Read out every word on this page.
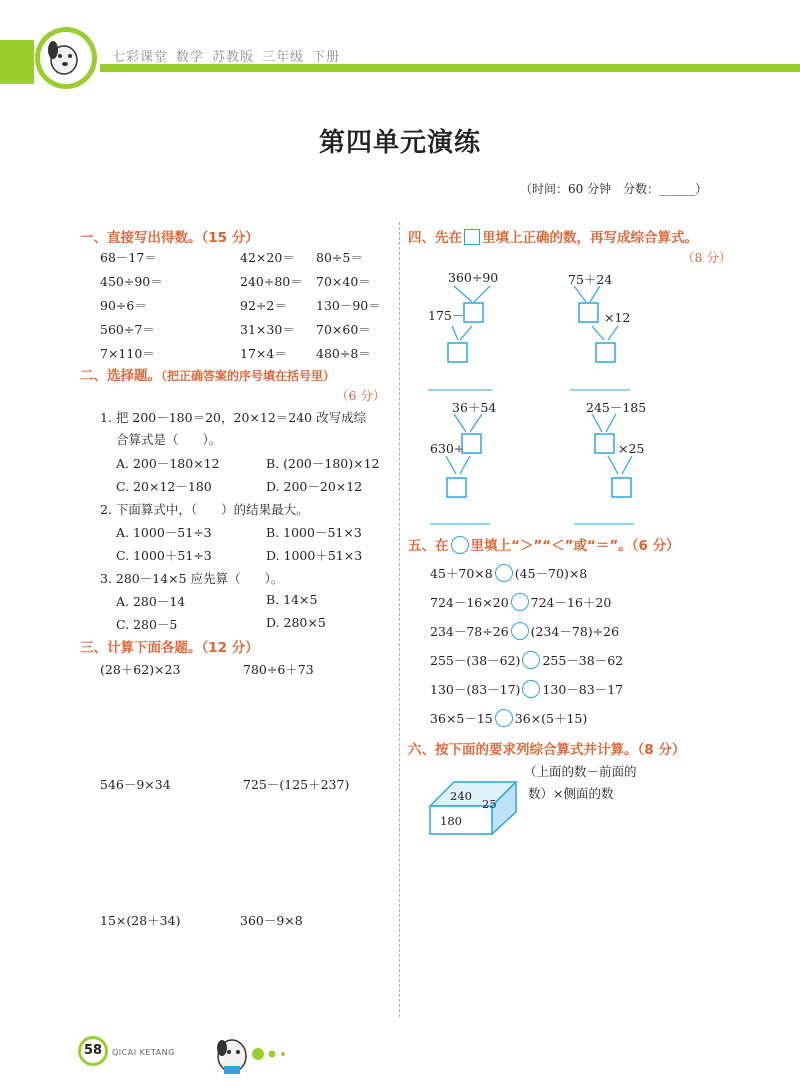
七彩课堂 数学 苏教版 三年级 下册
第四单元演练
（时间：60 分钟　分数：______）
一、直接写出得数。（15 分）
68－17＝	42×20＝ 80÷5＝
450÷90＝	240÷80＝ 70×40＝
90÷6＝	92÷2＝ 130－90＝
560÷7＝	31×30＝ 70×60＝
7×110＝	17×4＝ 480÷8＝
二、选择题。（把正确答案的序号填在括号里）
（6 分）
1. 把 200－180＝20，20×12＝240 改写成综
合算式是（ ）。
A. 200－180×12	B. (200－180)×12
C. 20×12－180	D. 200－20×12
2. 下面算式中，（ ）的结果最大。
A. 1000－51÷3	B. 1000－51×3
C. 1000＋51÷3	D. 1000＋51×3
3. 280－14×5 应先算（ ）。
A. 280－14	B. 14×5
C. 280－5	D. 280×5
三、计算下面各题。（12 分）
(28＋62)×23	780÷6＋73
546－9×34	725－(125＋237)
15×(28＋34)	360－9×8
四、先在 里填上正确的数，再写成综合算式。
（8 分）
360÷90
175－
75＋24
×12
36＋54
630÷
245－185
×25
五、在 里填上“＞”“＜”或“＝”。（6 分）
45＋70×8 (45－70)×8
724－16×20 724－16＋20
234－78÷26 (234－78)÷26
255－(38－62) 255－38－62
130－(83－17) 130－83－17
36×5－15 36×(5＋15)
六、按下面的要求列综合算式并计算。（8 分）
240
25
180
（上面的数－前面的
数）×侧面的数
58	QICAI KETANG
